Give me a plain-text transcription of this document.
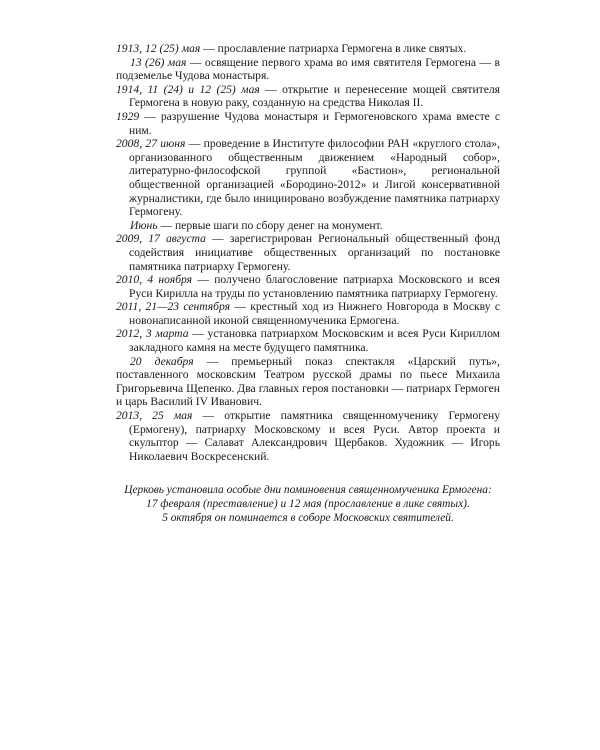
1913, 12 (25) мая — прославление патриарха Гермогена в лике святых.
13 (26) мая — освящение первого храма во имя святителя Гермогена — в подземелье Чудова монастыря.
1914, 11 (24) и 12 (25) мая — открытие и перенесение мощей святителя Гермогена в новую раку, созданную на средства Николая II.
1929 — разрушение Чудова монастыря и Гермогеновского храма вместе с ним.
2008, 27 июня — проведение в Институте философии РАН «круглого стола», организованного общественным движением «Народный собор», литературно-философской группой «Бастион», региональной общественной организацией «Бородино-2012» и Лигой консервативной журналистики, где было инициировано возбуждение памятника патриарху Гермогену.
Июнь — первые шаги по сбору денег на монумент.
2009, 17 августа — зарегистрирован Региональный общественный фонд содействия инициативе общественных организаций по постановке памятника патриарху Гермогену.
2010, 4 ноября — получено благословение патриарха Московского и всея Руси Кирилла на труды по установлению памятника патриарху Гермогену.
2011, 21—23 сентября — крестный ход из Нижнего Новгорода в Москву с новонаписанной иконой священномученика Ермогена.
2012, 3 марта — установка патриархом Московским и всея Руси Кириллом закладного камня на месте будущего памятника.
20 декабря — премьерный показ спектакля «Царский путь», поставленного московским Театром русской драмы по пьесе Михаила Григорьевича Щепенко. Два главных героя постановки — патриарх Гермоген и царь Василий IV Иванович.
2013, 25 мая — открытие памятника священномученику Гермогену (Ермогену), патриарху Московскому и всея Руси. Автор проекта и скульптор — Салават Александрович Щербаков. Художник — Игорь Николаевич Воскресенский.
Церковь установила особые дни поминовения священномученика Ермогена:
17 февраля (преставление) и 12 мая (прославление в лике святых).
5 октября он поминается в соборе Московских святителей.
